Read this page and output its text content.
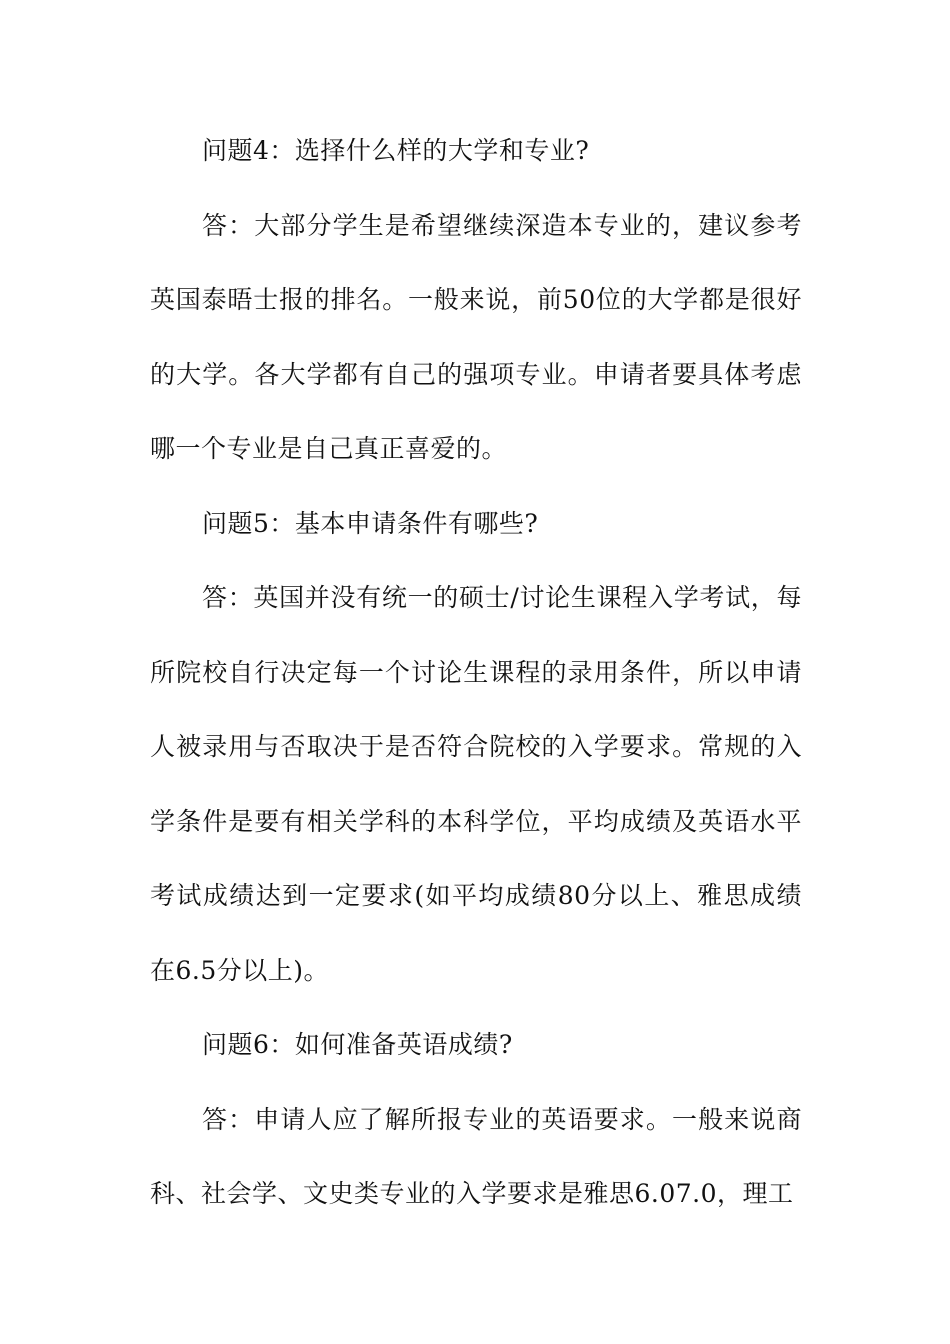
问题4：选择什么样的大学和专业?

答：大部分学生是希望继续深造本专业的，建议参考英国泰晤士报的排名。一般来说，前50位的大学都是很好的大学。各大学都有自己的强项专业。申请者要具体考虑哪一个专业是自己真正喜爱的。

问题5：基本申请条件有哪些?

答：英国并没有统一的硕士/讨论生课程入学考试，每所院校自行决定每一个讨论生课程的录用条件，所以申请人被录用与否取决于是否符合院校的入学要求。常规的入学条件是要有相关学科的本科学位，平均成绩及英语水平考试成绩达到一定要求(如平均成绩80分以上、雅思成绩在6.5分以上)。

问题6：如何准备英语成绩?

答：申请人应了解所报专业的英语要求。一般来说商科、社会学、文史类专业的入学要求是雅思6.07.0，理工
